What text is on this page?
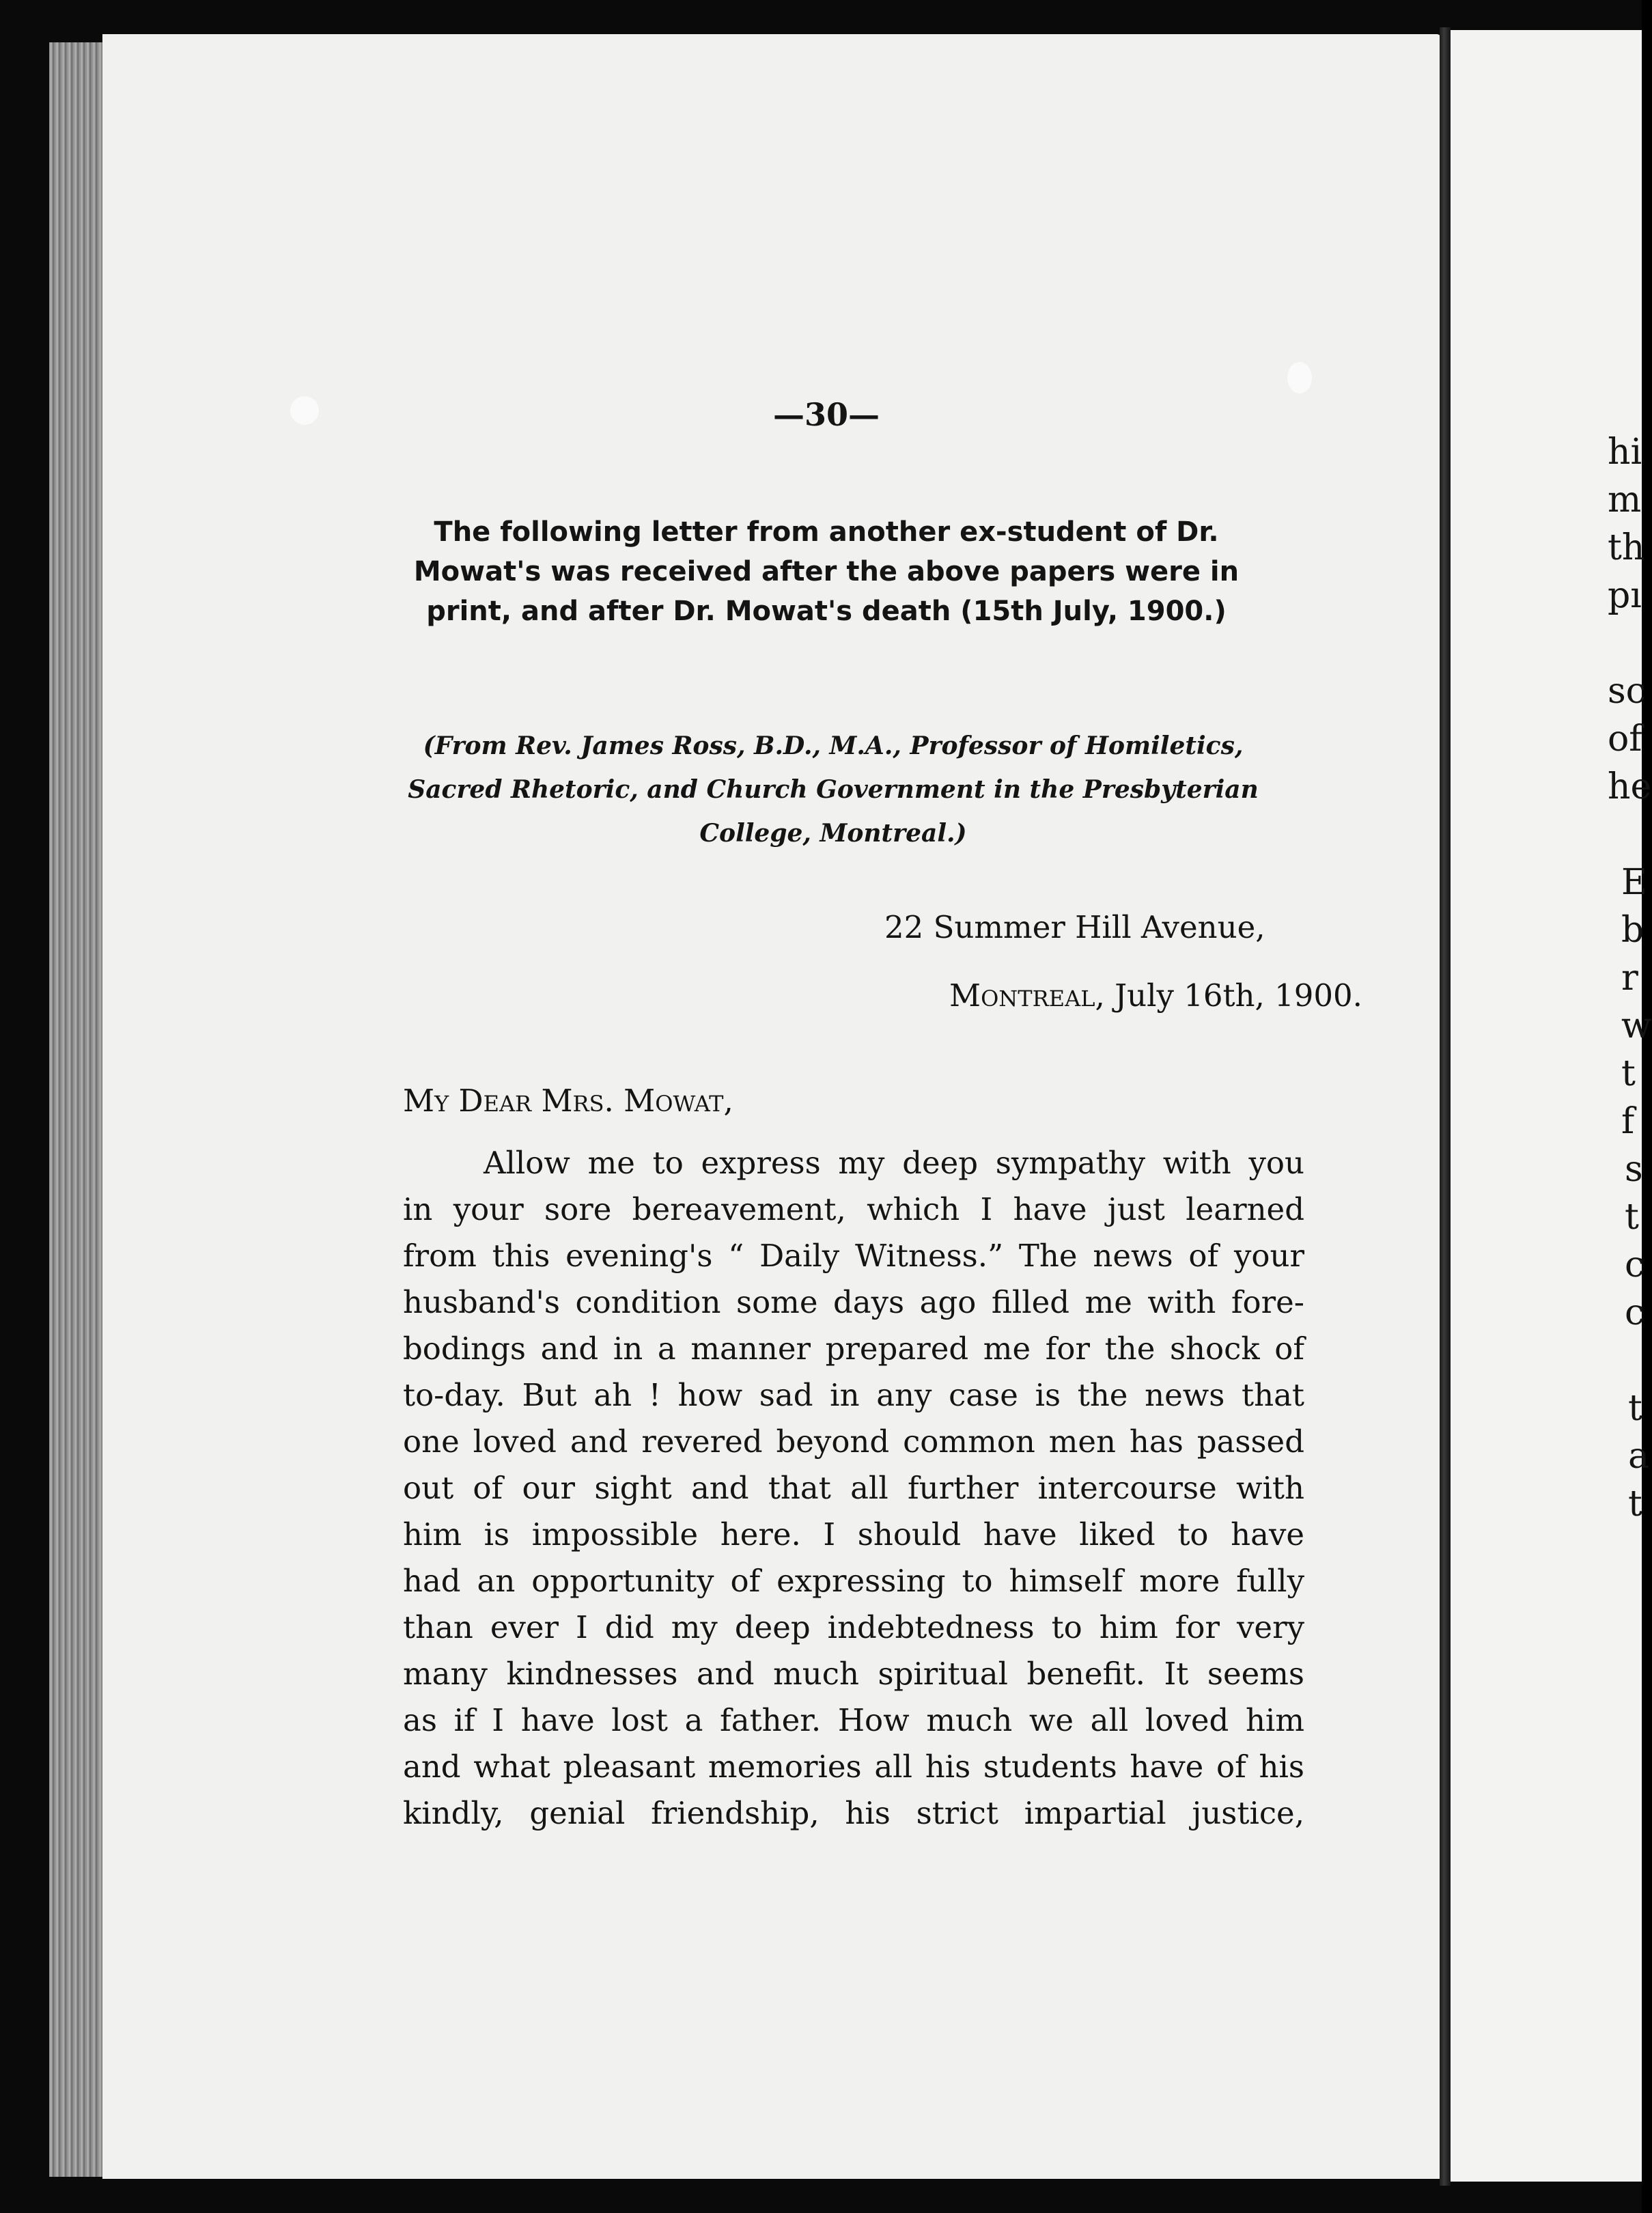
—30—
The following letter from another ex-student of Dr. Mowat's was received after the above papers were in print, and after Dr. Mowat's death (15th July, 1900.)
(From Rev. James Ross, B.D., M.A., Professor of Homiletics, Sacred Rhetoric, and Church Government in the Presbyterian College, Montreal.)
22 Summer Hill Avenue,
Montreal, July 16th, 1900.
My Dear Mrs. Mowat,
Allow me to express my deep sympathy with you
in your sore bereavement, which I have just learned
from this evening's “ Daily Witness.” The news of your
husband's condition some days ago filled me with fore-
bodings and in a manner prepared me for the shock of
to-day. But ah ! how sad in any case is the news that
one loved and revered beyond common men has passed
out of our sight and that all further intercourse with
him is impossible here. I should have liked to have
had an opportunity of expressing to himself more fully
than ever I did my deep indebtedness to him for very
many kindnesses and much spiritual benefit. It seems
as if I have lost a father. How much we all loved him
and what pleasant memories all his students have of his
kindly, genial friendship, his strict impartial justice,
hi
m
th
pı
sc
of
he
E
b
r
w
t
f
s
t
c
c
t
a
t
